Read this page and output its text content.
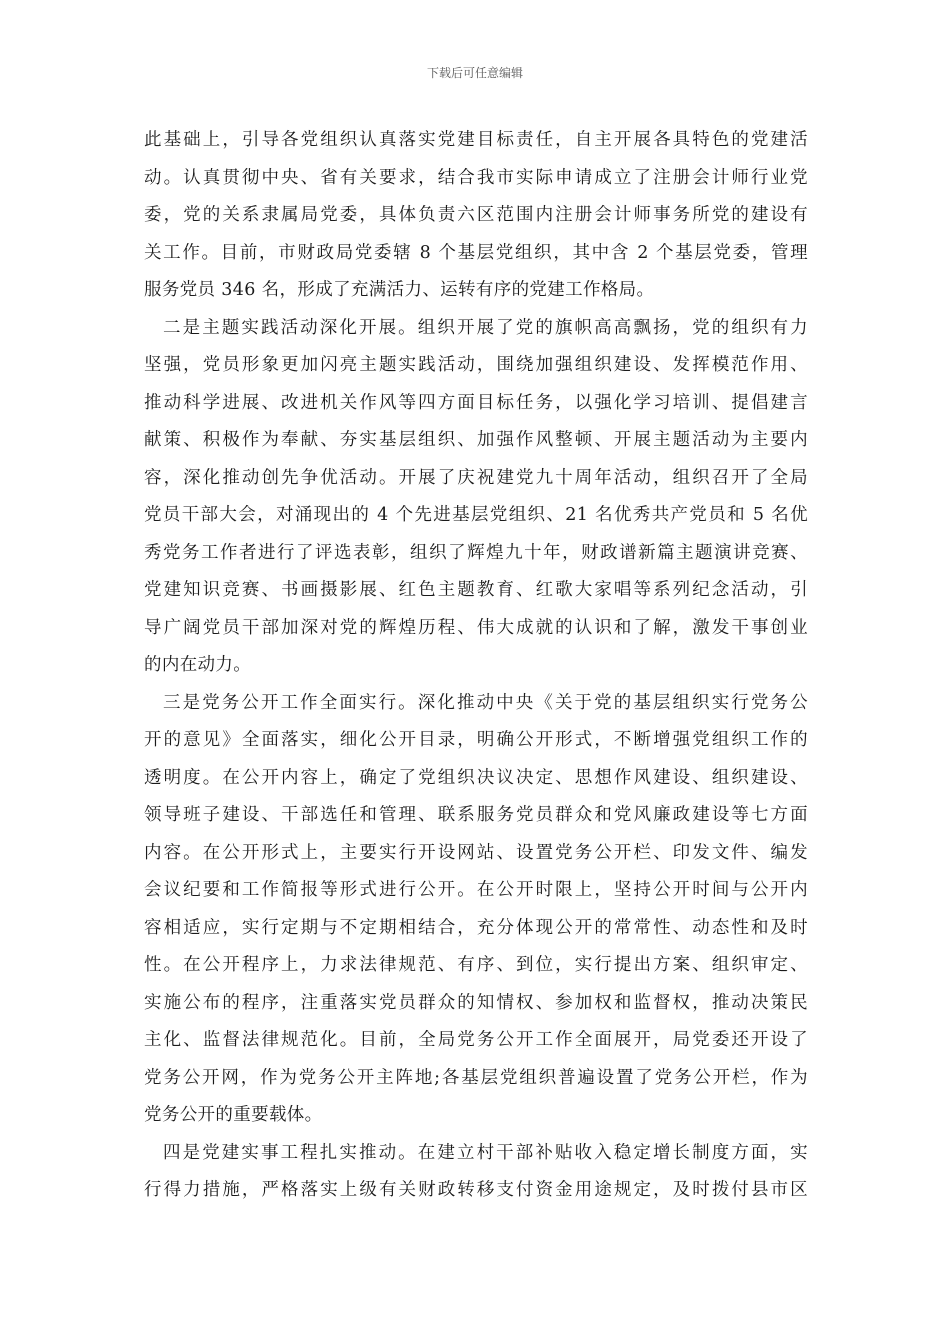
下载后可任意编辑
此基础上，引导各党组织认真落实党建目标责任，自主开展各具特色的党建活
动。认真贯彻中央、省有关要求，结合我市实际申请成立了注册会计师行业党
委，党的关系隶属局党委，具体负责六区范围内注册会计师事务所党的建设有
关工作。目前，市财政局党委辖 8 个基层党组织，其中含 2 个基层党委，管理
服务党员 346 名，形成了充满活力、运转有序的党建工作格局。
二是主题实践活动深化开展。组织开展了党的旗帜高高飘扬，党的组织有力
坚强，党员形象更加闪亮主题实践活动，围绕加强组织建设、发挥模范作用、
推动科学进展、改进机关作风等四方面目标任务，以强化学习培训、提倡建言
献策、积极作为奉献、夯实基层组织、加强作风整顿、开展主题活动为主要内
容，深化推动创先争优活动。开展了庆祝建党九十周年活动，组织召开了全局
党员干部大会，对涌现出的 4 个先进基层党组织、21 名优秀共产党员和 5 名优
秀党务工作者进行了评选表彰，组织了辉煌九十年，财政谱新篇主题演讲竞赛、
党建知识竞赛、书画摄影展、红色主题教育、红歌大家唱等系列纪念活动，引
导广阔党员干部加深对党的辉煌历程、伟大成就的认识和了解，激发干事创业
的内在动力。
三是党务公开工作全面实行。深化推动中央《关于党的基层组织实行党务公
开的意见》全面落实，细化公开目录，明确公开形式，不断增强党组织工作的
透明度。在公开内容上，确定了党组织决议决定、思想作风建设、组织建设、
领导班子建设、干部选任和管理、联系服务党员群众和党风廉政建设等七方面
内容。在公开形式上，主要实行开设网站、设置党务公开栏、印发文件、编发
会议纪要和工作简报等形式进行公开。在公开时限上，坚持公开时间与公开内
容相适应，实行定期与不定期相结合，充分体现公开的常常性、动态性和及时
性。在公开程序上，力求法律规范、有序、到位，实行提出方案、组织审定、
实施公布的程序，注重落实党员群众的知情权、参加权和监督权，推动决策民
主化、监督法律规范化。目前，全局党务公开工作全面展开，局党委还开设了
党务公开网，作为党务公开主阵地;各基层党组织普遍设置了党务公开栏，作为
党务公开的重要载体。
四是党建实事工程扎实推动。在建立村干部补贴收入稳定增长制度方面，实
行得力措施，严格落实上级有关财政转移支付资金用途规定，及时拨付县市区
